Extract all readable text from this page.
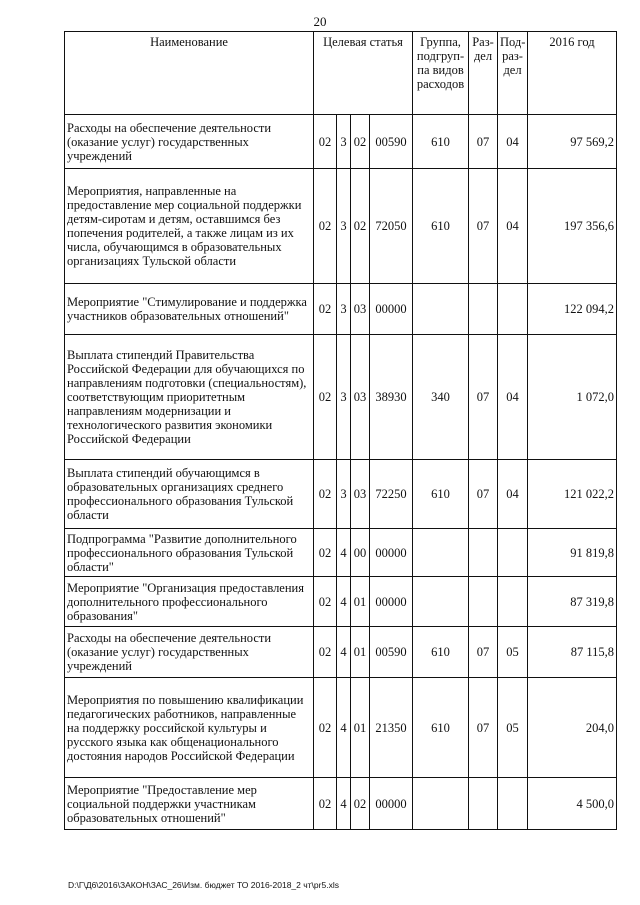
20
Наименование	Целевая статья				Группа, подгруп-па видов расходов	Раз-дел	Под-раз-дел	2016 год
Расходы на обеспечение деятельности (оказание услуг) государственных учреждений	02	3	02	00590	610	07	04	97 569,2
Мероприятия, направленные на предоставление мер социальной поддержки детям-сиротам и детям, оставшимся без попечения родителей, а также лицам из их числа, обучающимся в образовательных организациях Тульской области	02	3	02	72050	610	07	04	197 356,6
Мероприятие "Стимулирование и поддержка участников образовательных отношений"	02	3	03	00000				122 094,2
Выплата стипендий Правительства Российской Федерации для обучающихся по направлениям подготовки (специальностям), соответствующим приоритетным направлениям модернизации и технологического развития экономики Российской Федерации	02	3	03	38930	340	07	04	1 072,0
Выплата стипендий обучающимся в образовательных организациях среднего профессионального образования Тульской области	02	3	03	72250	610	07	04	121 022,2
Подпрограмма "Развитие дополнительного профессионального образования Тульской области"	02	4	00	00000				91 819,8
Мероприятие "Организация предоставления дополнительного профессионального образования"	02	4	01	00000				87 319,8
Расходы на обеспечение деятельности (оказание услуг) государственных учреждений	02	4	01	00590	610	07	05	87 115,8
Мероприятия по повышению квалификации педагогических работников, направленные на поддержку российской культуры и русского языка как общенационального достояния народов Российской Федерации	02	4	01	21350	610	07	05	204,0
Мероприятие "Предоставление мер социальной поддержки участникам образовательных отношений"	02	4	02	00000				4 500,0
D:\Г\Д6\2016\ЗАКОН\ЗАС_26\Изм. бюджет ТО 2016-2018_2 чт\pr5.xls
